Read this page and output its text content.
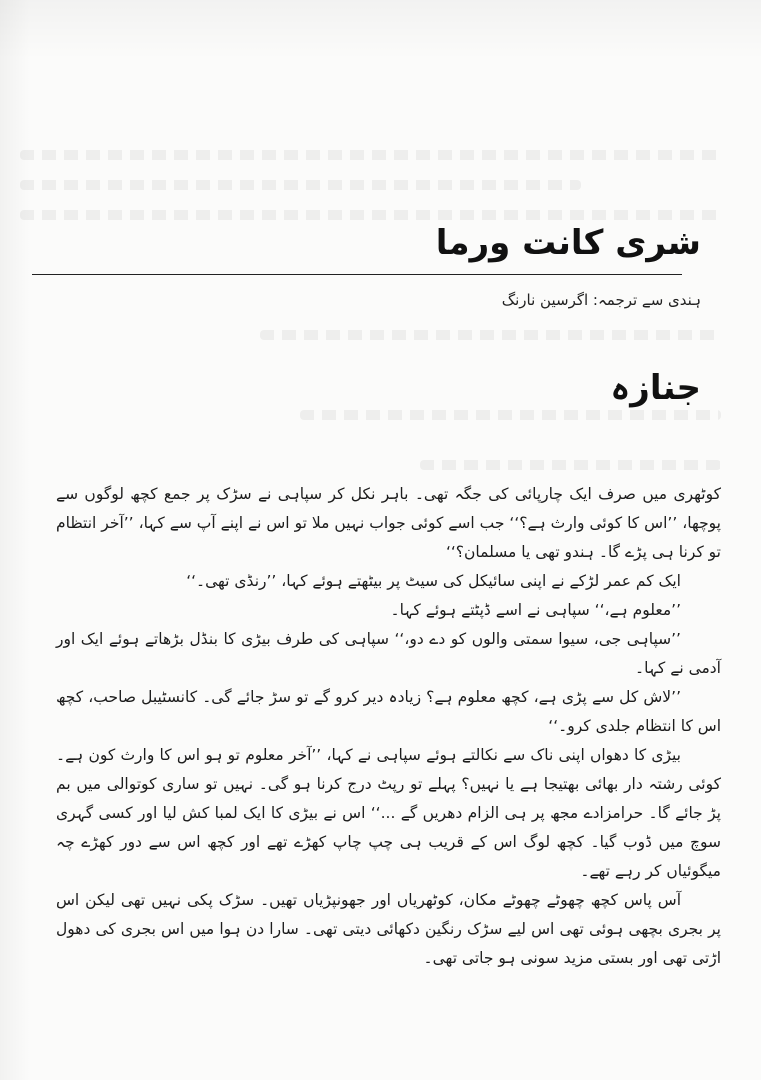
شری کانت ورما
ہندی سے ترجمہ: اگرسین نارنگ
جنازہ

کوٹھری میں صرف ایک چارپائی کی جگہ تھی۔ باہر نکل کر سپاہی نے سڑک پر جمع کچھ لوگوں سے پوچھا، ’’اس کا کوئی وارث ہے؟‘‘ جب اسے کوئی جواب نہیں ملا تو اس نے اپنے آپ سے کہا، ’’آخر انتظام تو کرنا ہی پڑے گا۔ ہندو تھی یا مسلمان؟‘‘

ایک کم عمر لڑکے نے اپنی سائیکل کی سیٹ پر بیٹھتے ہوئے کہا، ’’رنڈی تھی۔‘‘

’’معلوم ہے،‘‘ سپاہی نے اسے ڈپٹتے ہوئے کہا۔

’’سپاہی جی، سیوا سمتی والوں کو دے دو،‘‘ سپاہی کی طرف بیڑی کا بنڈل بڑھاتے ہوئے ایک اور آدمی نے کہا۔

’’لاش کل سے پڑی ہے، کچھ معلوم ہے؟ زیادہ دیر کرو گے تو سڑ جائے گی۔ کانسٹیبل صاحب، کچھ اس کا انتظام جلدی کرو۔‘‘

بیڑی کا دھواں اپنی ناک سے نکالتے ہوئے سپاہی نے کہا، ’’آخر معلوم تو ہو اس کا وارث کون ہے۔ کوئی رشتہ دار بھائی بھتیجا ہے یا نہیں؟ پہلے تو رپٹ درج کرنا ہو گی۔ نہیں تو ساری کوتوالی میں بم پڑ جائے گا۔ حرامزادے مجھ پر ہی الزام دھریں گے ...‘‘ اس نے بیڑی کا ایک لمبا کش لیا اور کسی گہری سوچ میں ڈوب گیا۔ کچھ لوگ اس کے قریب ہی چپ چاپ کھڑے تھے اور کچھ اس سے دور کھڑے چہ میگوئیاں کر رہے تھے۔

آس پاس کچھ چھوٹے چھوٹے مکان، کوٹھریاں اور جھونپڑیاں تھیں۔ سڑک پکی نہیں تھی لیکن اس پر بجری بچھی ہوئی تھی اس لیے سڑک رنگین دکھائی دیتی تھی۔ سارا دن ہوا میں اس بجری کی دھول اڑتی تھی اور بستی مزید سونی ہو جاتی تھی۔
